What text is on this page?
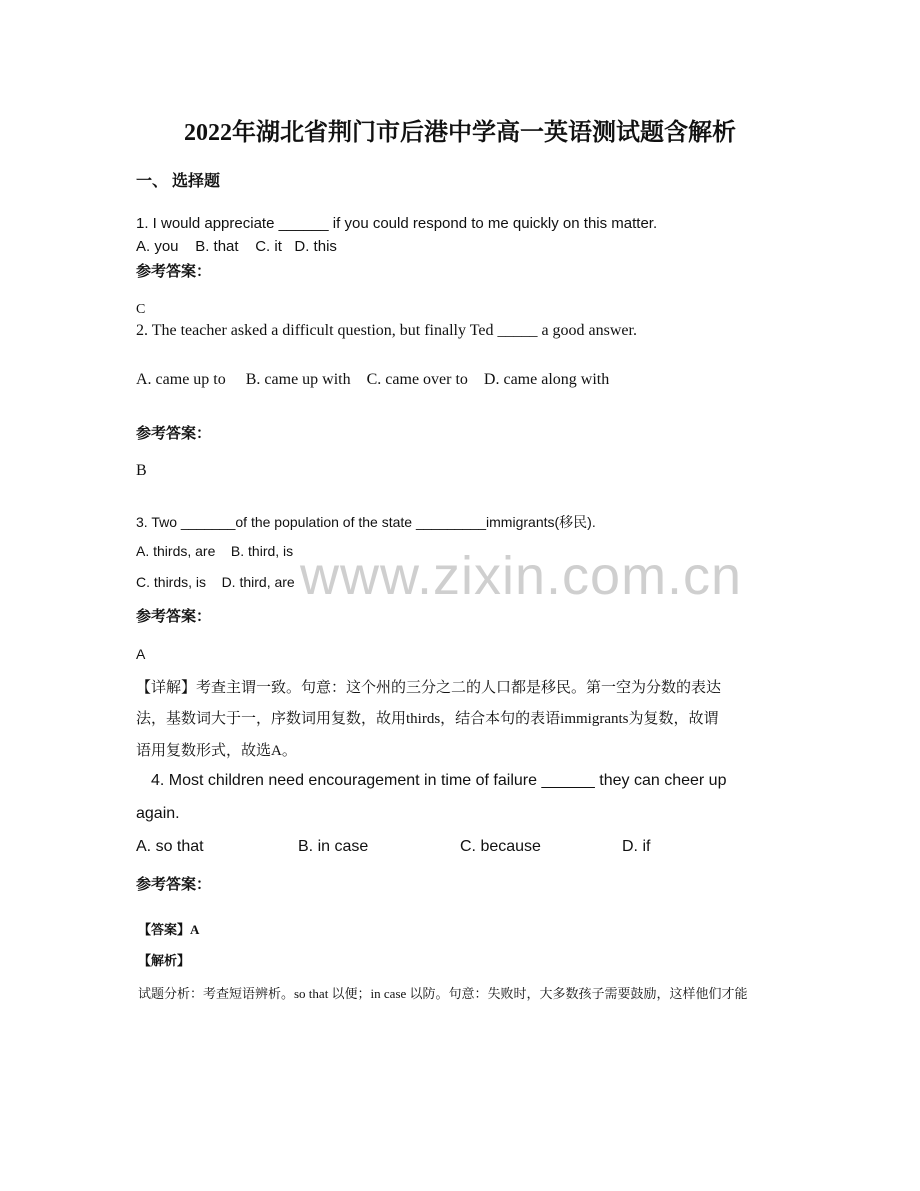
www.zixin.com.cn

2022年湖北省荆门市后港中学高一英语测试题含解析

一、 选择题

1. I would appreciate ______ if you could respond to me quickly on this matter.

A. you    B. that    C. it   D. this

参考答案：

C

2. The teacher asked a difficult question, but finally Ted _____ a good answer.

A. came up to     B. came up with    C. came over to    D. came along with

参考答案：

B

3. Two _______of the population of the state _________immigrants(移民).

A. thirds, are    B. third, is

C. thirds, is    D. third, are

参考答案：

A

【详解】考查主谓一致。句意：这个州的三分之二的人口都是移民。第一空为分数的表达

法，基数词大于一，序数词用复数，故用thirds，结合本句的表语immigrants为复数，故谓

语用复数形式，故选A。

4. Most children need encouragement in time of failure ______ they can cheer up

again.

A. so that	B. in case	C. because	D. if

参考答案：

【答案】A

【解析】

试题分析：考查短语辨析。so that 以便；in case 以防。句意：失败时，大多数孩子需要鼓励，这样他们才能
